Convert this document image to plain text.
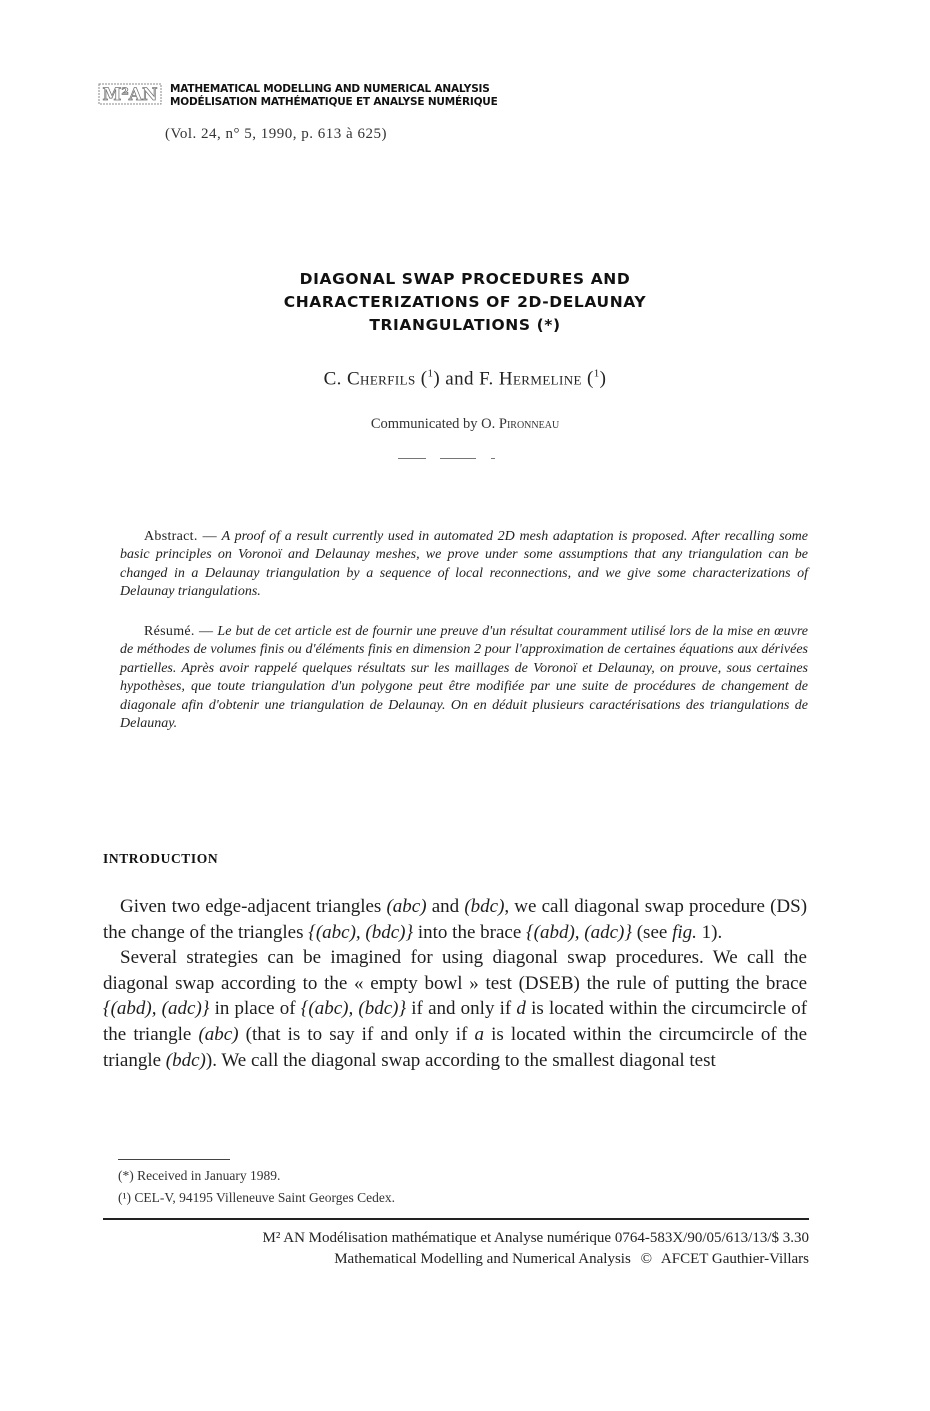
M²AN MATHEMATICAL MODELLING AND NUMERICAL ANALYSIS
MODÉLISATION MATHÉMATIQUE ET ANALYSE NUMÉRIQUE
(Vol. 24, n° 5, 1990, p. 613 à 625)
DIAGONAL SWAP PROCEDURES AND
CHARACTERIZATIONS OF 2D-DELAUNAY
TRIANGULATIONS (*)
C. Cherfils ($^1$) and F. Hermeline ($^1$)
Communicated by O. Pironneau
Abstract. — A proof of a result currently used in automated 2D mesh adaptation is proposed. After recalling some basic principles on Voronoï and Delaunay meshes, we prove under some assumptions that any triangulation can be changed in a Delaunay triangulation by a sequence of local reconnections, and we give some characterizations of Delaunay triangulations.
Résumé. — Le but de cet article est de fournir une preuve d'un résultat couramment utilisé lors de la mise en œuvre de méthodes de volumes finis ou d'éléments finis en dimension 2 pour l'approximation de certaines équations aux dérivées partielles. Après avoir rappelé quelques résultats sur les maillages de Voronoï et Delaunay, on prouve, sous certaines hypothèses, que toute triangulation d'un polygone peut être modifiée par une suite de procédures de changement de diagonale afin d'obtenir une triangulation de Delaunay. On en déduit plusieurs caractérisations des triangulations de Delaunay.
INTRODUCTION

Given two edge-adjacent triangles (abc) and (bdc), we call diagonal swap procedure (DS) the change of the triangles {(abc), (bdc)} into the brace {(abd), (adc)} (see fig. 1).

Several strategies can be imagined for using diagonal swap procedures. We call the diagonal swap according to the « empty bowl » test (DSEB) the rule of putting the brace {(abd), (adc)} in place of {(abc), (bdc)} if and only if d is located within the circumcircle of the triangle (abc) (that is to say if and only if a is located within the circumcircle of the triangle (bdc)). We call the diagonal swap according to the smallest diagonal test

(*) Received in January 1989.
(¹) CEL-V, 94195 Villeneuve Saint Georges Cedex.
M² AN Modélisation mathématique et Analyse numérique 0764-583X/90/05/613/13/$ 3.30
Mathematical Modelling and Numerical Analysis © AFCET Gauthier-Villars
